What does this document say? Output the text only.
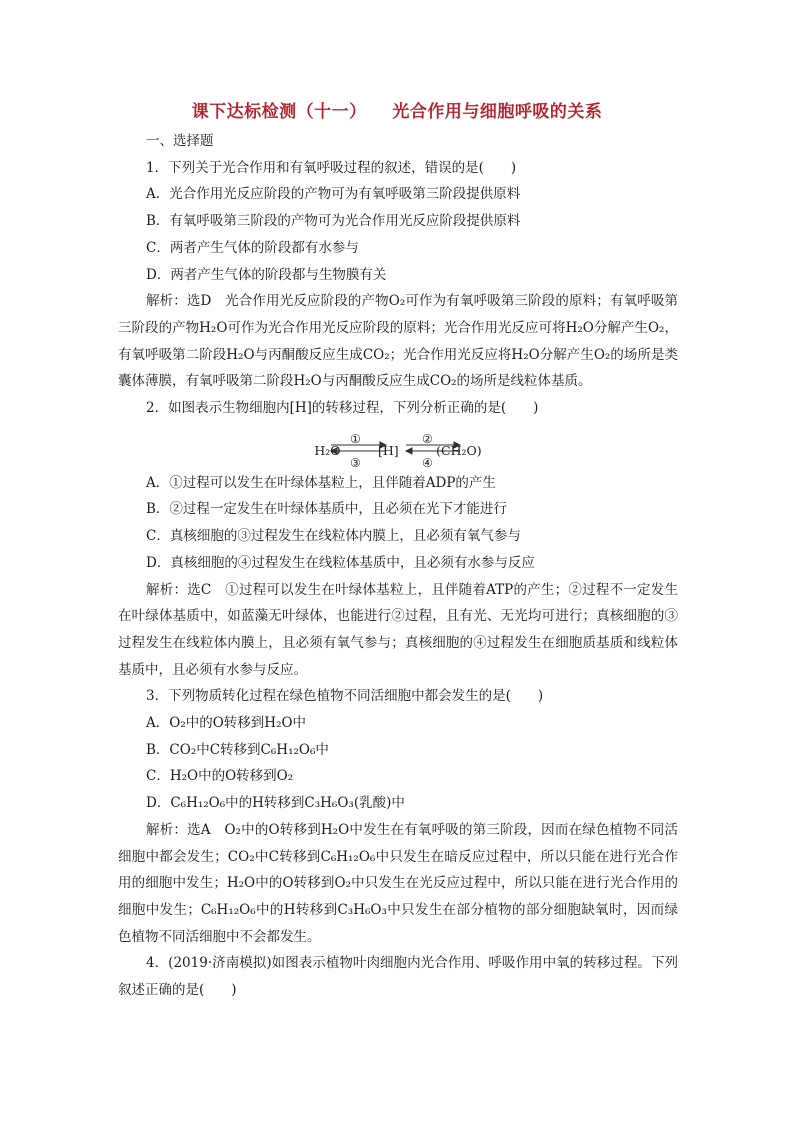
课下达标检测（十一）    光合作用与细胞呼吸的关系

一、选择题

1．下列关于光合作用和有氧呼吸过程的叙述，错误的是(　　)

A．光合作用光反应阶段的产物可为有氧呼吸第三阶段提供原料

B．有氧呼吸第三阶段的产物可为光合作用光反应阶段提供原料

C．两者产生气体的阶段都有水参与

D．两者产生气体的阶段都与生物膜有关

解析：选D　光合作用光反应阶段的产物O₂可作为有氧呼吸第三阶段的原料；有氧呼吸第三阶段的产物H₂O可作为光合作用光反应阶段的原料；光合作用光反应可将H₂O分解产生O₂，有氧呼吸第二阶段H₂O与丙酮酸反应生成CO₂；光合作用光反应将H₂O分解产生O₂的场所是类囊体薄膜，有氧呼吸第二阶段H₂O与丙酮酸反应生成CO₂的场所是线粒体基质。

2．如图表示生物细胞内[H]的转移过程，下列分析正确的是(　　)

①
③
②
④
H₂O　　　[H]　　　(CH₂O)

A．①过程可以发生在叶绿体基粒上，且伴随着ADP的产生

B．②过程一定发生在叶绿体基质中，且必须在光下才能进行

C．真核细胞的③过程发生在线粒体内膜上，且必须有氧气参与

D．真核细胞的④过程发生在线粒体基质中，且必须有水参与反应

解析：选C　①过程可以发生在叶绿体基粒上，且伴随着ATP的产生；②过程不一定发生在叶绿体基质中，如蓝藻无叶绿体，也能进行②过程，且有光、无光均可进行；真核细胞的③过程发生在线粒体内膜上，且必须有氧气参与；真核细胞的④过程发生在细胞质基质和线粒体基质中，且必须有水参与反应。

3．下列物质转化过程在绿色植物不同活细胞中都会发生的是(　　)

A．O₂中的O转移到H₂O中

B．CO₂中C转移到C₆H₁₂O₆中

C．H₂O中的O转移到O₂

D．C₆H₁₂O₆中的H转移到C₃H₆O₃(乳酸)中

解析：选A　O₂中的O转移到H₂O中发生在有氧呼吸的第三阶段，因而在绿色植物不同活细胞中都会发生；CO₂中C转移到C₆H₁₂O₆中只发生在暗反应过程中，所以只能在进行光合作用的细胞中发生；H₂O中的O转移到O₂中只发生在光反应过程中，所以只能在进行光合作用的细胞中发生；C₆H₁₂O₆中的H转移到C₃H₆O₃中只发生在部分植物的部分细胞缺氧时，因而绿色植物不同活细胞中不会都发生。

4．(2019·济南模拟)如图表示植物叶肉细胞内光合作用、呼吸作用中氧的转移过程。下列叙述正确的是(　　)
